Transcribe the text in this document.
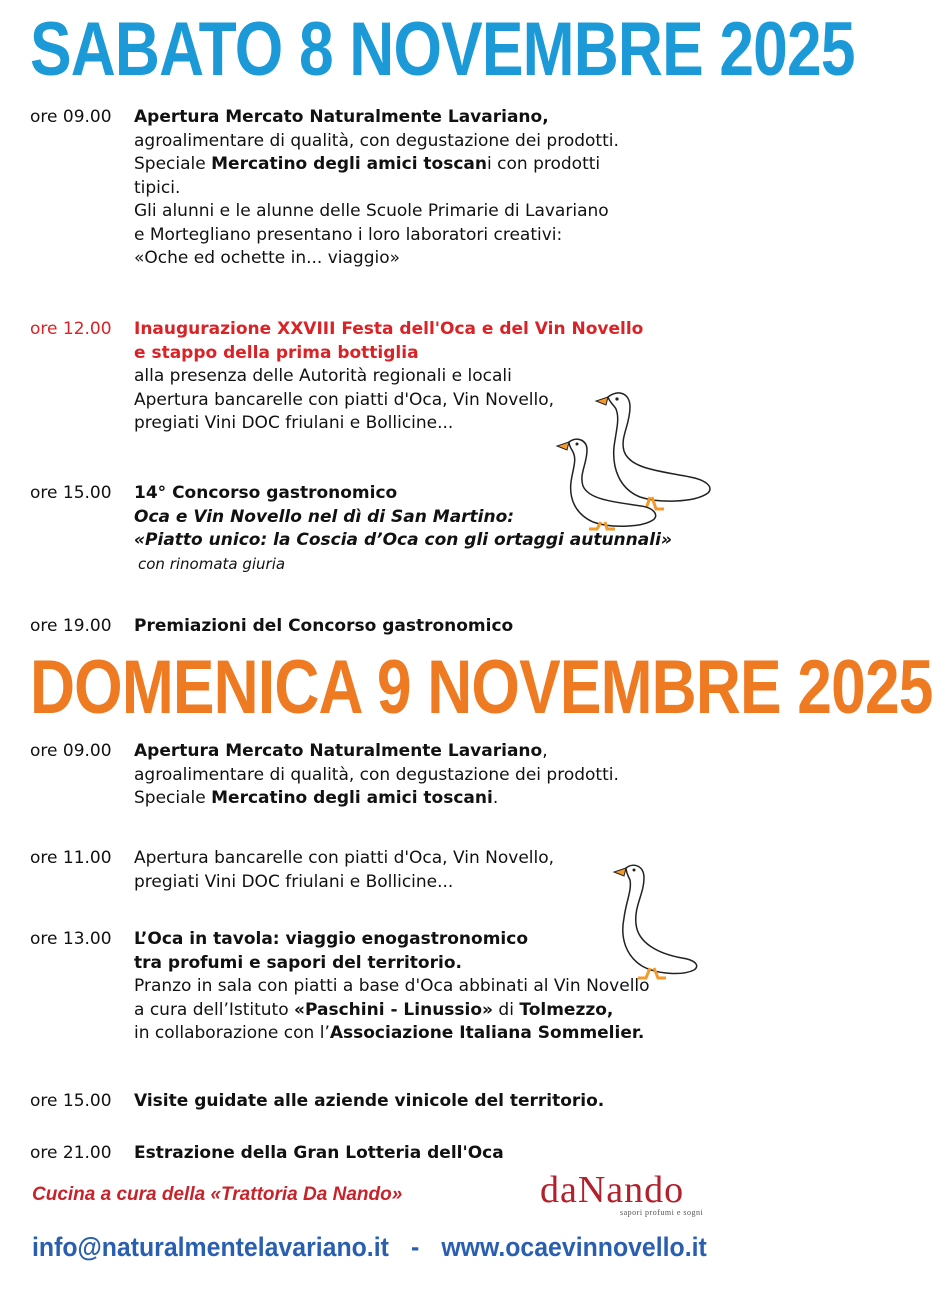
SABATO 8 NOVEMBRE 2025
ore 09.00	Apertura Mercato Naturalmente Lavariano,
agroalimentare di qualità, con degustazione dei prodotti.
Speciale Mercatino degli amici toscani con prodotti
tipici.
Gli alunni e le alunne delle Scuole Primarie di Lavariano
e Mortegliano presentano i loro laboratori creativi:
«Oche ed ochette in... viaggio»
ore 12.00	Inaugurazione XXVIII Festa dell'Oca e del Vin Novello
e stappo della prima bottiglia
alla presenza delle Autorità regionali e locali
Apertura bancarelle con piatti d'Oca, Vin Novello,
pregiati Vini DOC friulani e Bollicine...
ore 15.00	14° Concorso gastronomico
Oca e Vin Novello nel dì di San Martino:
«Piatto unico: la Coscia d’Oca con gli ortaggi autunnali»
con rinomata giuria
ore 19.00	Premiazioni del Concorso gastronomico
DOMENICA 9 NOVEMBRE 2025
ore 09.00	Apertura Mercato Naturalmente Lavariano,
agroalimentare di qualità, con degustazione dei prodotti.
Speciale Mercatino degli amici toscani.
ore 11.00	Apertura bancarelle con piatti d'Oca, Vin Novello,
pregiati Vini DOC friulani e Bollicine...
ore 13.00	L’Oca in tavola: viaggio enogastronomico
tra profumi e sapori del territorio.
Pranzo in sala con piatti a base d'Oca abbinati al Vin Novello
a cura dell’Istituto «Paschini - Linussio» di Tolmezzo,
in collaborazione con l’Associazione Italiana Sommelier.
ore 15.00	Visite guidate alle aziende vinicole del territorio.
ore 21.00	Estrazione della Gran Lotteria dell'Oca
Cucina a cura della «Trattoria Da Nando»	daNando
sapori profumi e sogni
info@naturalmentelavariano.it - www.ocaevinnovello.it
